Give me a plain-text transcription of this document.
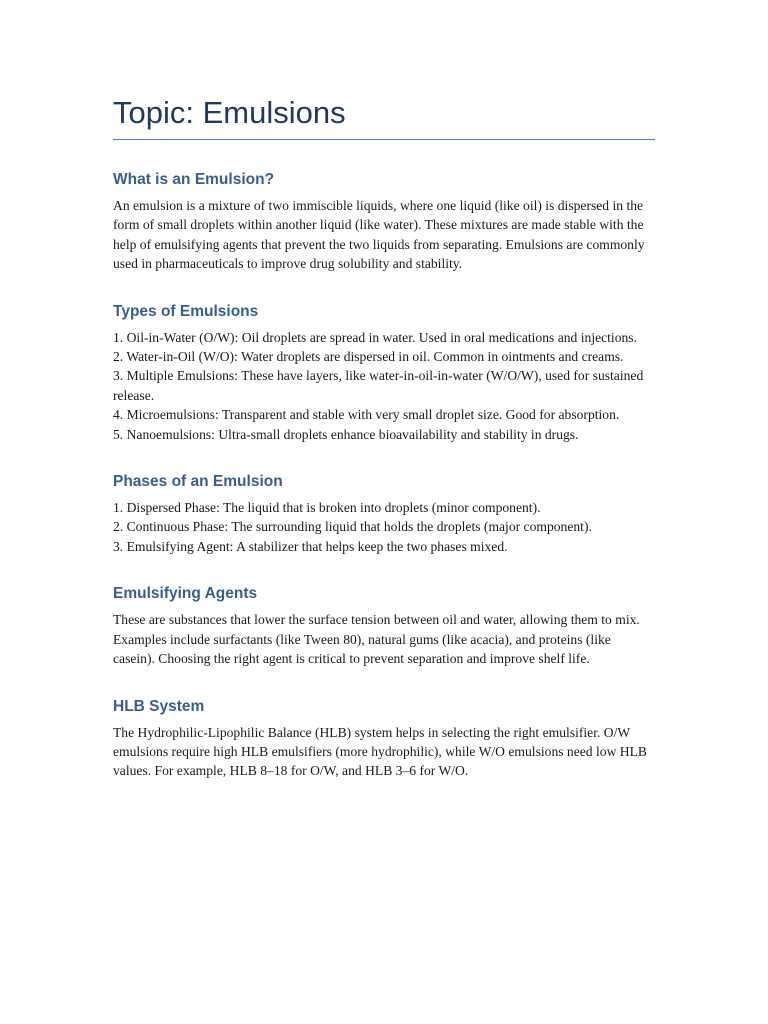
Topic: Emulsions
What is an Emulsion?

An emulsion is a mixture of two immiscible liquids, where one liquid (like oil) is dispersed in the form of small droplets within another liquid (like water). These mixtures are made stable with the help of emulsifying agents that prevent the two liquids from separating. Emulsions are commonly used in pharmaceuticals to improve drug solubility and stability.

Types of Emulsions
1. Oil-in-Water (O/W): Oil droplets are spread in water. Used in oral medications and injections.
2. Water-in-Oil (W/O): Water droplets are dispersed in oil. Common in ointments and creams.
3. Multiple Emulsions: These have layers, like water-in-oil-in-water (W/O/W), used for sustained release.
4. Microemulsions: Transparent and stable with very small droplet size. Good for absorption.
5. Nanoemulsions: Ultra-small droplets enhance bioavailability and stability in drugs.
Phases of an Emulsion
1. Dispersed Phase: The liquid that is broken into droplets (minor component).
2. Continuous Phase: The surrounding liquid that holds the droplets (major component).
3. Emulsifying Agent: A stabilizer that helps keep the two phases mixed.
Emulsifying Agents

These are substances that lower the surface tension between oil and water, allowing them to mix. Examples include surfactants (like Tween 80), natural gums (like acacia), and proteins (like casein). Choosing the right agent is critical to prevent separation and improve shelf life.

HLB System

The Hydrophilic-Lipophilic Balance (HLB) system helps in selecting the right emulsifier. O/W emulsions require high HLB emulsifiers (more hydrophilic), while W/O emulsions need low HLB values. For example, HLB 8–18 for O/W, and HLB 3–6 for W/O.
